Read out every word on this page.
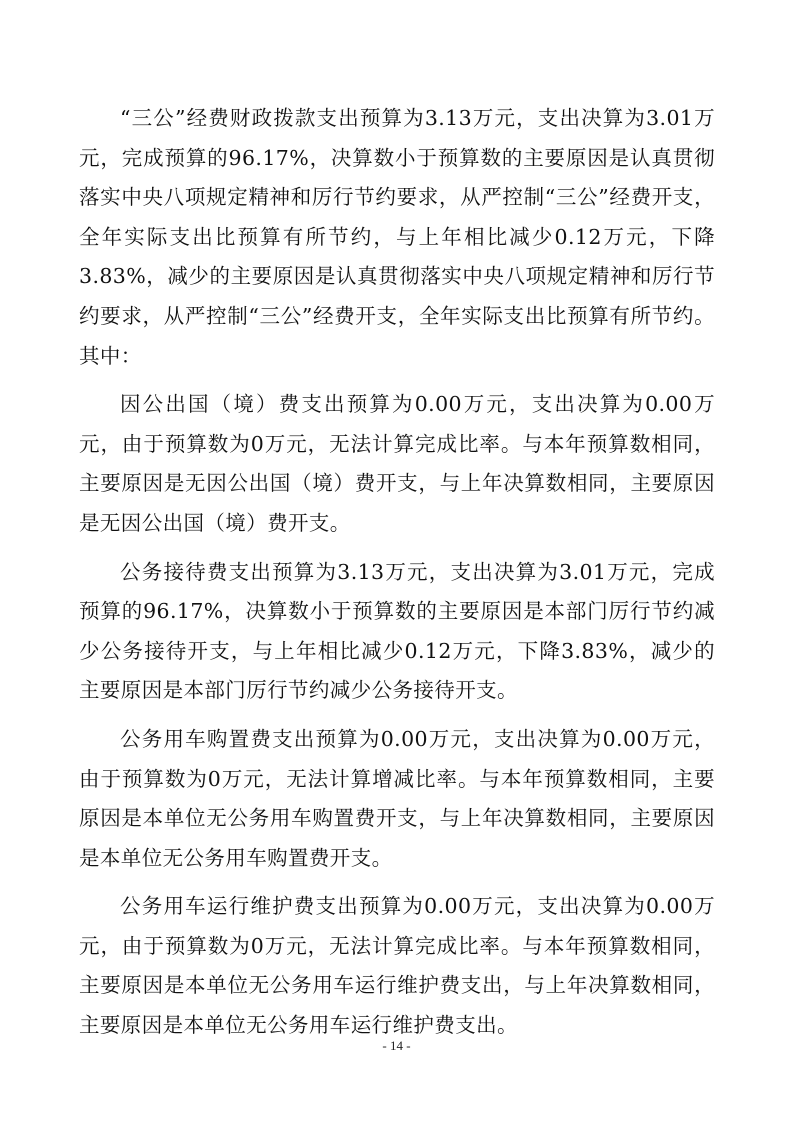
“三公”经费财政拨款支出预算为3.13万元，支出决算为3.01万元，完成预算的96.17%，决算数小于预算数的主要原因是认真贯彻落实中央八项规定精神和厉行节约要求，从严控制“三公”经费开支，全年实际支出比预算有所节约，与上年相比减少0.12万元，下降3.83%，减少的主要原因是认真贯彻落实中央八项规定精神和厉行节约要求，从严控制“三公”经费开支，全年实际支出比预算有所节约。其中：

因公出国（境）费支出预算为0.00万元，支出决算为0.00万元，由于预算数为0万元，无法计算完成比率。与本年预算数相同，主要原因是无因公出国（境）费开支，与上年决算数相同，主要原因是无因公出国（境）费开支。

公务接待费支出预算为3.13万元，支出决算为3.01万元，完成预算的96.17%，决算数小于预算数的主要原因是本部门厉行节约减少公务接待开支，与上年相比减少0.12万元，下降3.83%，减少的主要原因是本部门厉行节约减少公务接待开支。

公务用车购置费支出预算为0.00万元，支出决算为0.00万元，由于预算数为0万元，无法计算增减比率。与本年预算数相同，主要原因是本单位无公务用车购置费开支，与上年决算数相同，主要原因是本单位无公务用车购置费开支。

公务用车运行维护费支出预算为0.00万元，支出决算为0.00万元，由于预算数为0万元，无法计算完成比率。与本年预算数相同，主要原因是本单位无公务用车运行维护费支出，与上年决算数相同，主要原因是本单位无公务用车运行维护费支出。

- 14 -
